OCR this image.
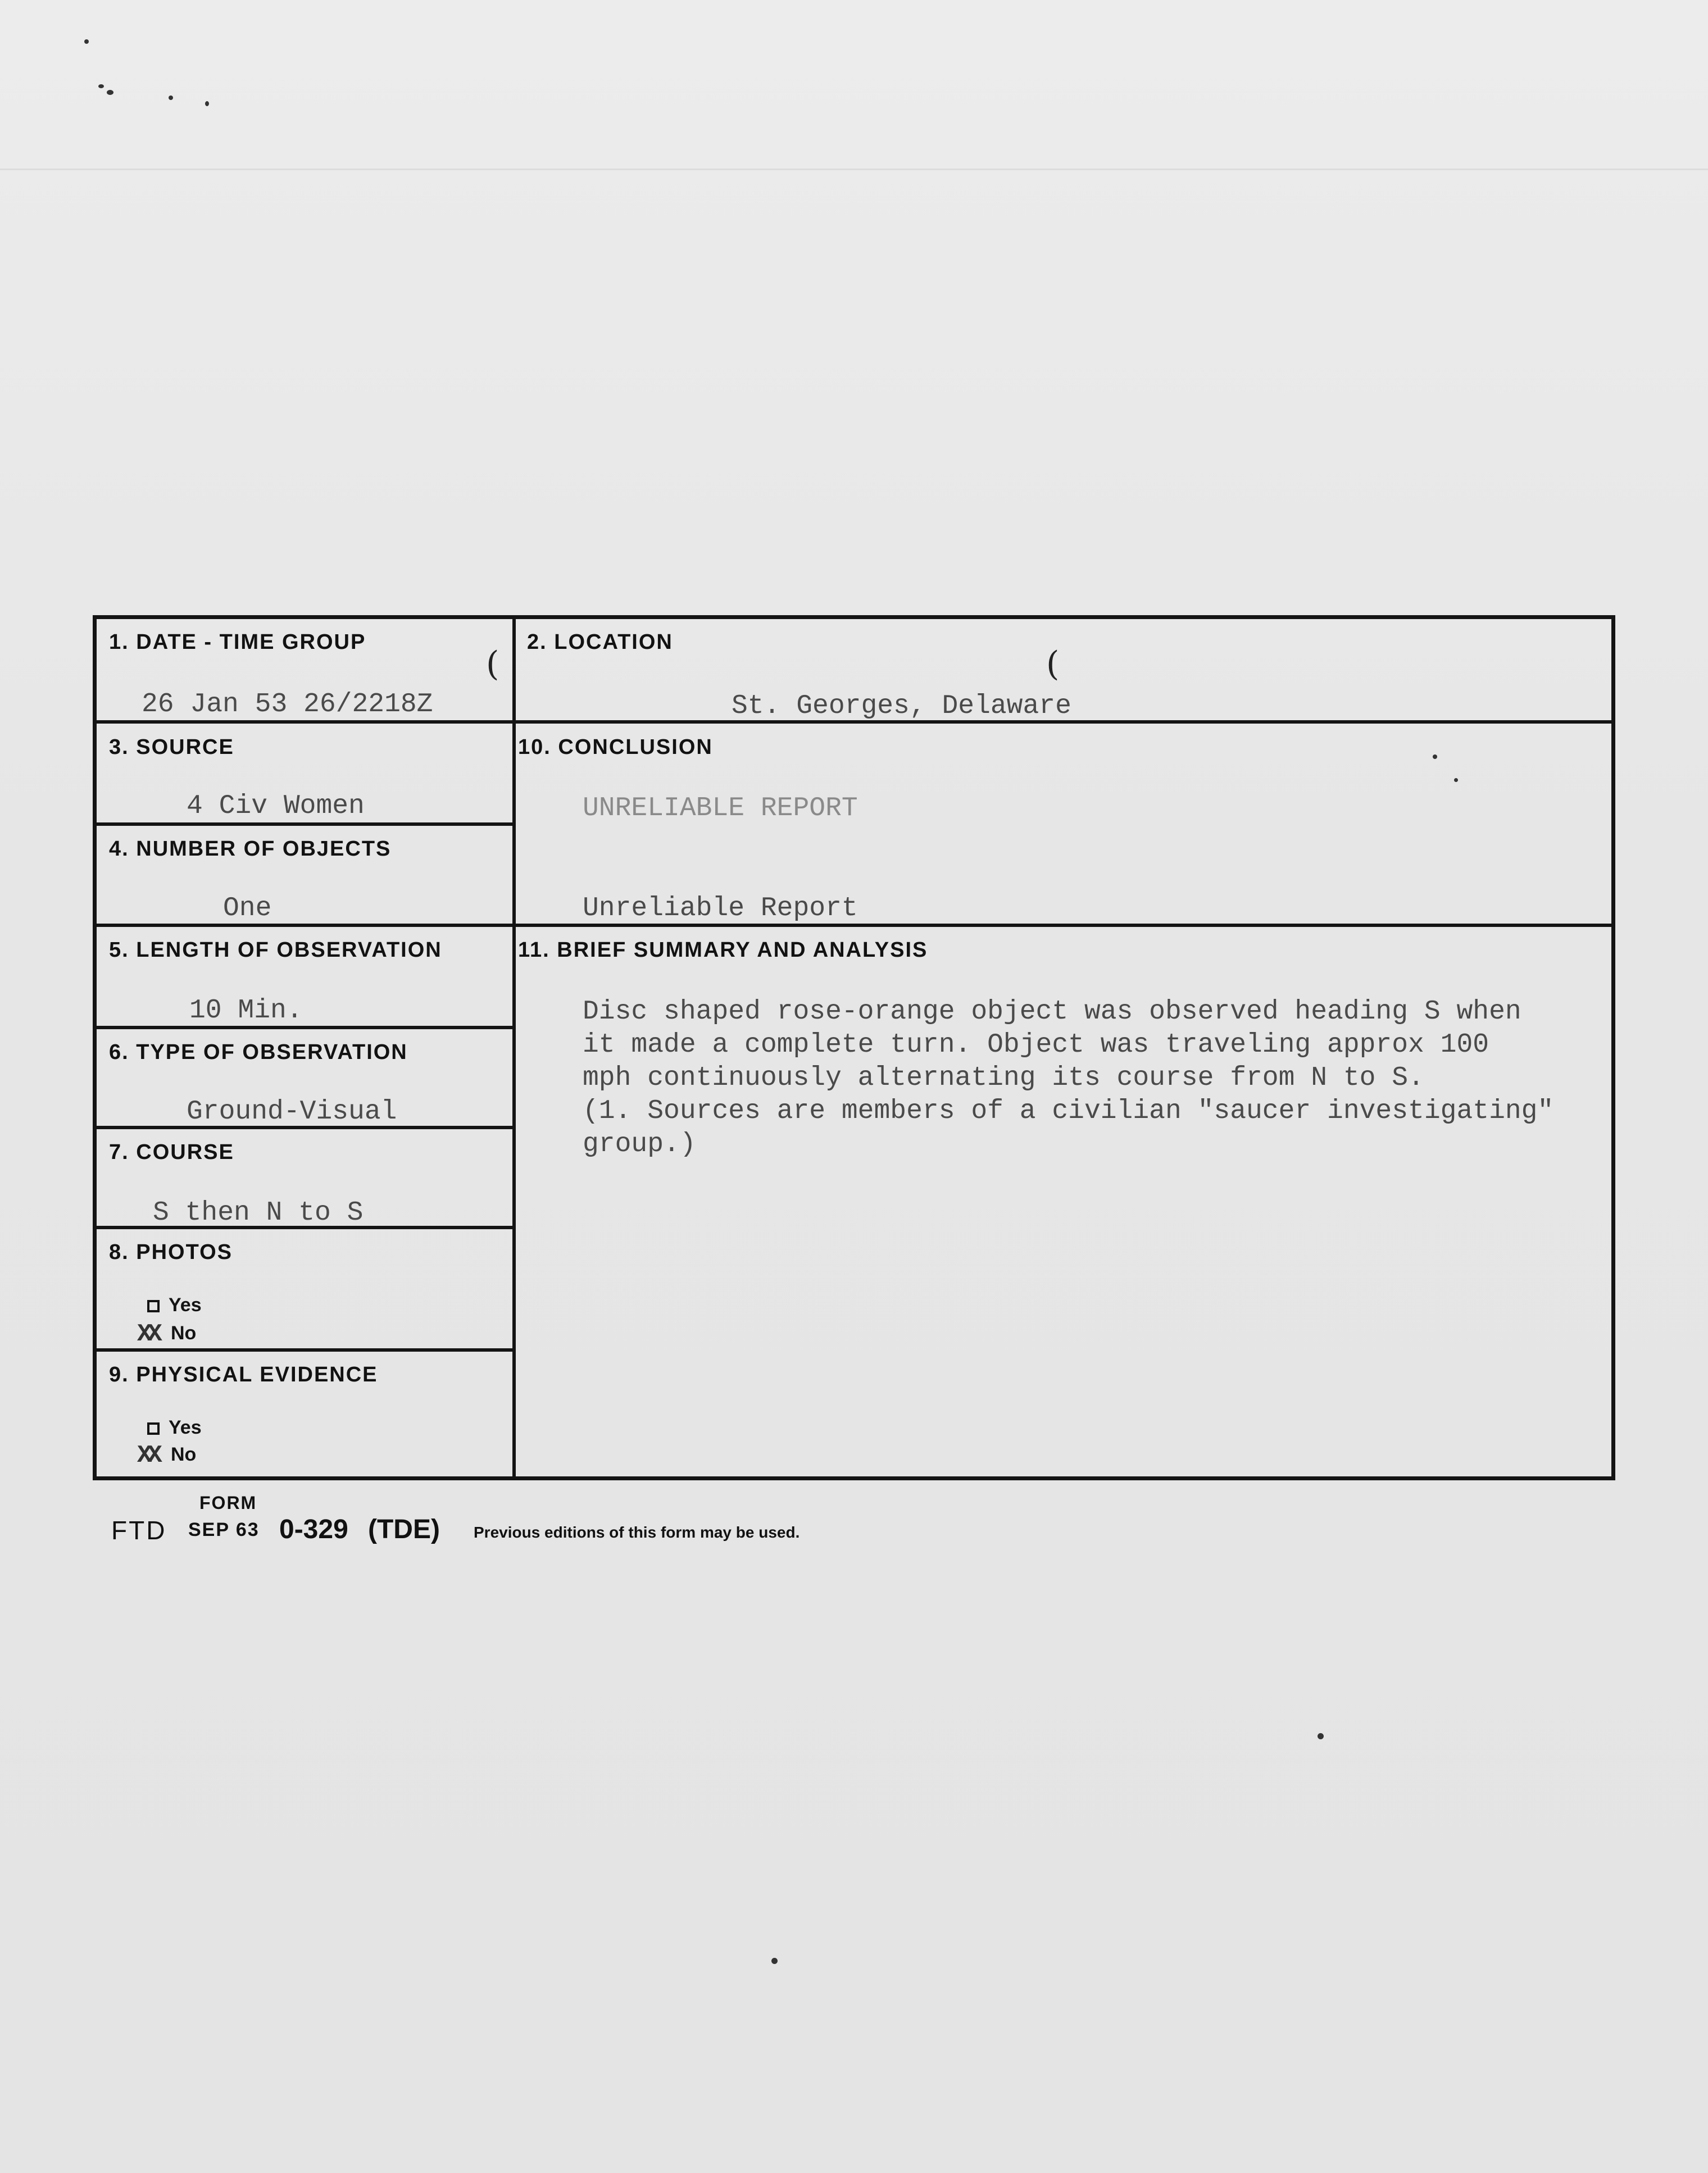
1. DATE - TIME GROUP
26 Jan 53 26/2218Z
(
2. LOCATION
St. Georges, Delaware
(
3. SOURCE
4 Civ Women
10. CONCLUSION
UNRELIABLE REPORT
Unreliable Report
4. NUMBER OF OBJECTS
One
5. LENGTH OF OBSERVATION
10 Min.
11. BRIEF SUMMARY AND ANALYSIS
Disc shaped rose-orange object was observed heading S when
it made a complete turn. Object was traveling approx 100
mph continuously alternating its course from N to S.
(1. Sources are members of a civilian "saucer investigating"
group.)
6. TYPE OF OBSERVATION
Ground-Visual
7. COURSE
S then N to S
8. PHOTOS
Yes
XX No
9. PHYSICAL EVIDENCE
Yes
XX No
FORM
FTD SEP 63 0-329 (TDE) Previous editions of this form may be used.
